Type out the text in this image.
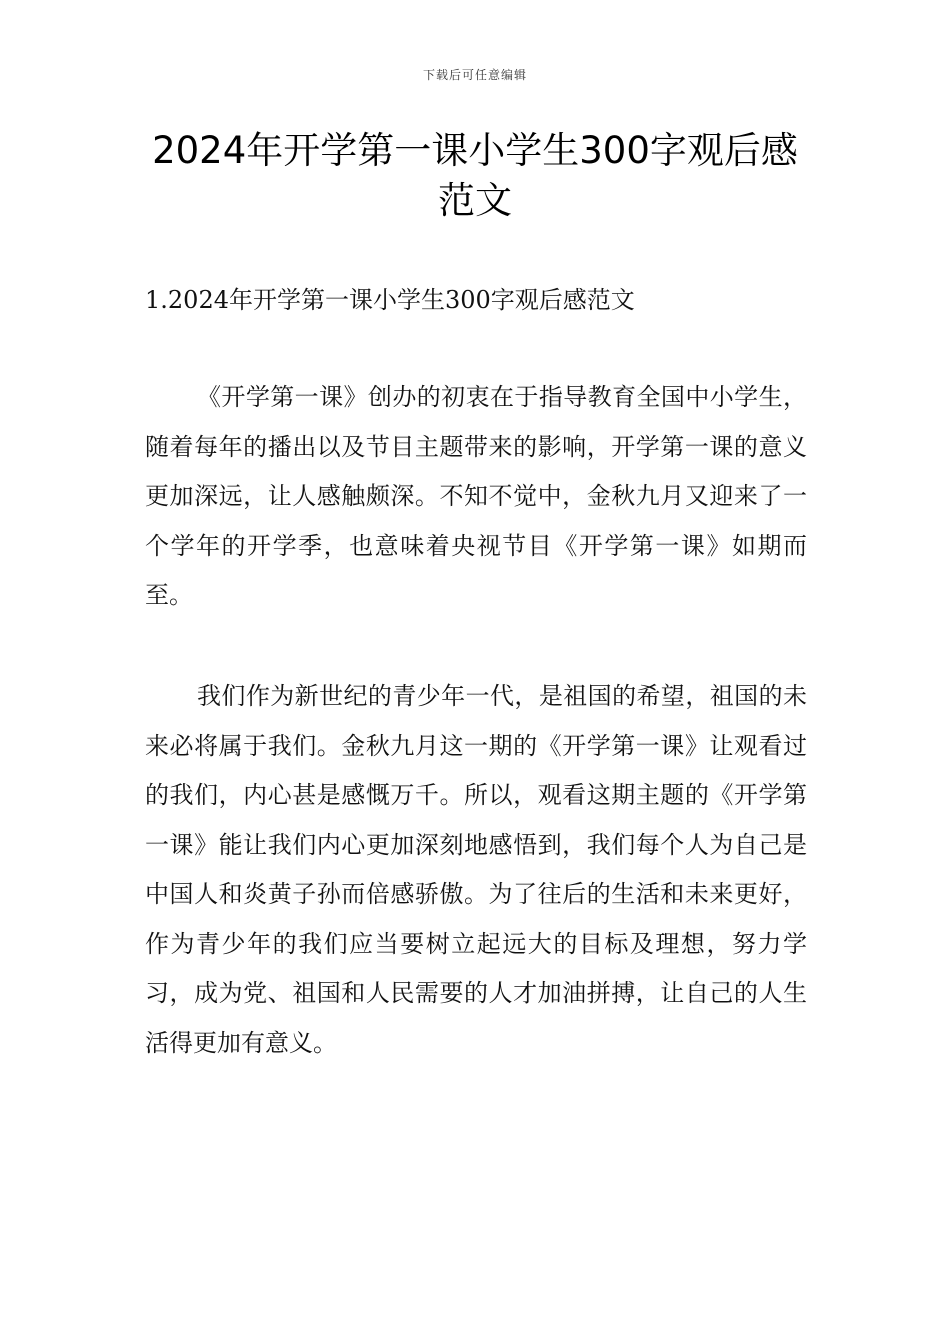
下载后可任意编辑
2024年开学第一课小学生300字观后感范文
1.2024年开学第一课小学生300字观后感范文

《开学第一课》创办的初衷在于指导教育全国中小学生，随着每年的播出以及节目主题带来的影响，开学第一课的意义更加深远，让人感触颇深。不知不觉中，金秋九月又迎来了一个学年的开学季，也意味着央视节目《开学第一课》如期而至。

我们作为新世纪的青少年一代，是祖国的希望，祖国的未来必将属于我们。金秋九月这一期的《开学第一课》让观看过的我们，内心甚是感慨万千。所以，观看这期主题的《开学第一课》能让我们内心更加深刻地感悟到，我们每个人为自己是中国人和炎黄子孙而倍感骄傲。为了往后的生活和未来更好，作为青少年的我们应当要树立起远大的目标及理想，努力学习，成为党、祖国和人民需要的人才加油拼搏，让自己的人生活得更加有意义。
